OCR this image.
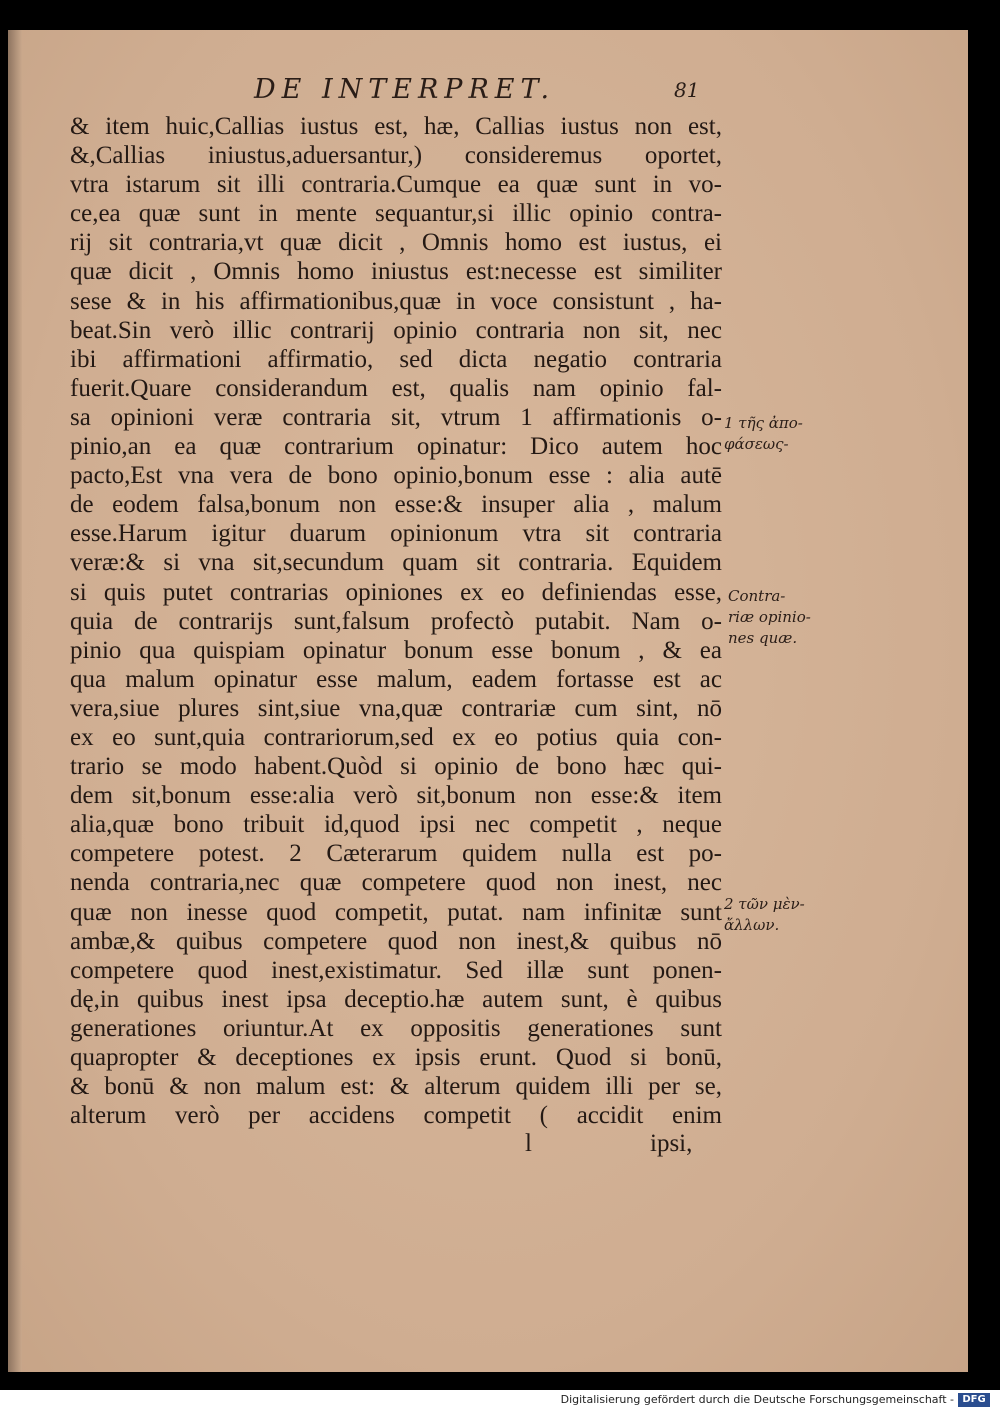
DE INTERPRET.	81
& item huic,Callias iustus est, hæ, Callias iustus non est,
&,Callias iniustus,aduersantur,) consideremus oportet,
vtra istarum sit illi contraria.Cumque ea quæ sunt in vo-
ce,ea quæ sunt in mente sequantur,si illic opinio contra-
rij sit contraria,vt quæ dicit , Omnis homo est iustus, ei
quæ dicit , Omnis homo iniustus est:necesse est similiter
sese & in his affirmationibus,quæ in voce consistunt , ha-
beat.Sin verò illic contrarij opinio contraria non sit, nec
ibi affirmationi affirmatio, sed dicta negatio contraria
fuerit.Quare considerandum est, qualis nam opinio fal-
sa opinioni veræ contraria sit, vtrum 1 affirmationis o-
pinio,an ea quæ contrarium opinatur: Dico autem hoc
pacto,Est vna vera de bono opinio,bonum esse : alia autē
de eodem falsa,bonum non esse:& insuper alia , malum
esse.Harum igitur duarum opinionum vtra sit contraria
veræ:& si vna sit,secundum quam sit contraria. Equidem
si quis putet contrarias opiniones ex eo definiendas esse,
quia de contrarijs sunt,falsum profectò putabit. Nam o-
pinio qua quispiam opinatur bonum esse bonum , & ea
qua malum opinatur esse malum, eadem fortasse est ac
vera,siue plures sint,siue vna,quæ contrariæ cum sint, nō
ex eo sunt,quia contrariorum,sed ex eo potius quia con-
trario se modo habent.Quòd si opinio de bono hæc qui-
dem sit,bonum esse:alia verò sit,bonum non esse:& item
alia,quæ bono tribuit id,quod ipsi nec competit , neque
competere potest. 2 Cæterarum quidem nulla est po-
nenda contraria,nec quæ competere quod non inest, nec
quæ non inesse quod competit, putat. nam infinitæ sunt
ambæ,& quibus competere quod non inest,& quibus nō
competere quod inest,existimatur. Sed illæ sunt ponen-
dę,in quibus inest ipsa deceptio.hæ autem sunt, è quibus
generationes oriuntur.At ex oppositis generationes sunt
quapropter & deceptiones ex ipsis erunt. Quod si bonū,
& bonū & non malum est: & alterum quidem illi per se,
alterum verò per accidens competit ( accidit enim
l	ipsi,
1 τῆς ἀπο-
φάσεως-
Contra-
riæ opinio-
nes quæ.
2 τῶν μὲν-
ἄλλων.
Digitalisierung gefördert durch die Deutsche Forschungsgemeinschaft - DFG
